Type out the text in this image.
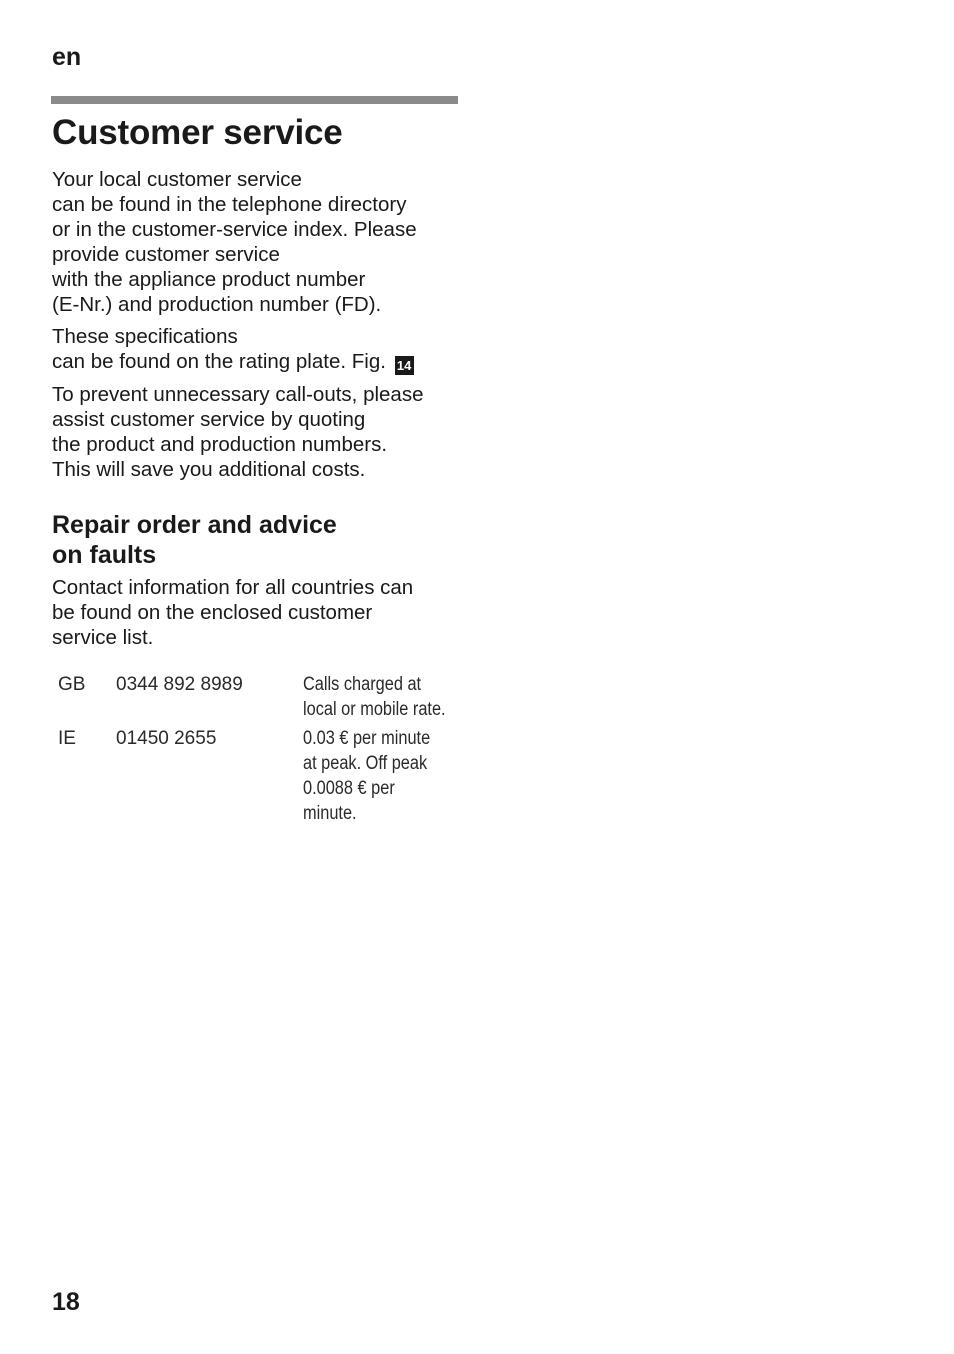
en
Customer service

Your local customer service
can be found in the telephone directory
or in the customer-service index. Please
provide customer service
with the appliance product number
(E-Nr.) and production number (FD).

These specifications
can be found on the rating plate. Fig. 14

To prevent unnecessary call-outs, please
assist customer service by quoting
the product and production numbers.
This will save you additional costs.

Repair order and advice
on faults

Contact information for all countries can
be found on the enclosed customer
service list.

GB	0344 892 8989	Calls charged at
local or mobile rate.
IE	01450 2655	0.03 € per minute
at peak. Off peak
0.0088 € per
minute.
18
